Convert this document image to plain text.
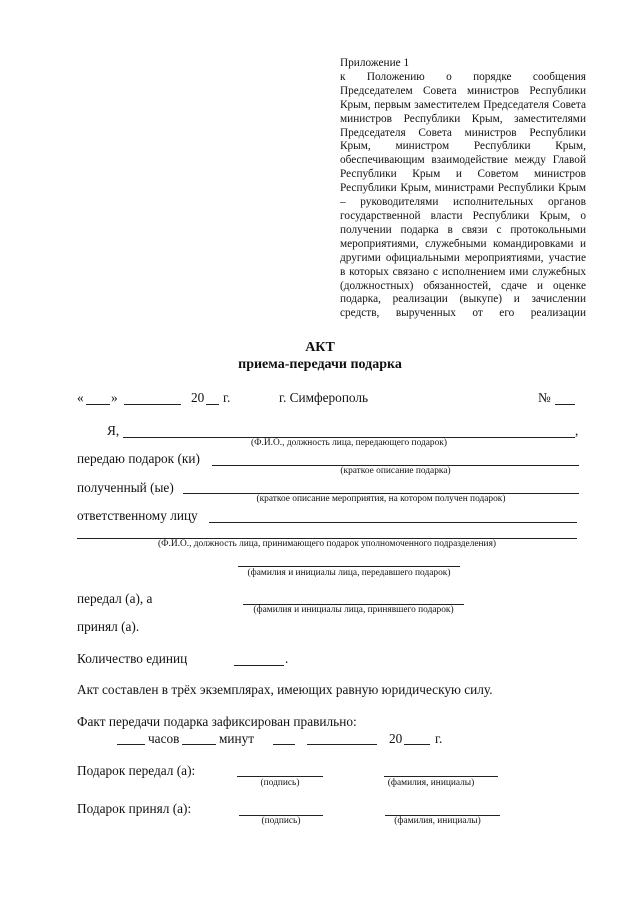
Приложение 1
к Положению о порядке сообщения Председателем Совета министров Республики Крым, первым заместителем Председателя Совета министров Республики Крым, заместителями Председателя Совета министров Республики Крым, министром Республики Крым, обеспечивающим взаимодействие между Главой Республики Крым и Советом министров Республики Крым, министрами Республики Крым – руководителями исполнительных органов государственной власти Республики Крым, о получении подарка в связи с протокольными мероприятиями, служебными командировками и другими официальными мероприятиями, участие в которых связано с исполнением ими служебных (должностных) обязанностей, сдаче и оценке подарка, реализации (выкупе) и зачислении средств, вырученных от его реализации
АКТ
приема-передачи подарка
« »	20 г.	г. Симферополь	№
Я,	,
(Ф.И.О., должность лица, передающего подарок)
передаю подарок (ки)
(краткое описание подарка)
полученный (ые)
(краткое описание мероприятия, на котором получен подарок)
ответственному лицу
(Ф.И.О., должность лица, принимающего подарок уполномоченного подразделения)
(фамилия и инициалы лица, передавшего подарок)
передал (а), а
(фамилия и инициалы лица, принявшего подарок)
принял (а).
Количество единиц	.
Акт составлен в трёх экземплярах, имеющих равную юридическую силу.
Факт передачи подарка зафиксирован правильно:
часов	минут	20 г.
Подарок передал (а):
(подпись)	(фамилия, инициалы)
Подарок принял (а):
(подпись)	(фамилия, инициалы)
